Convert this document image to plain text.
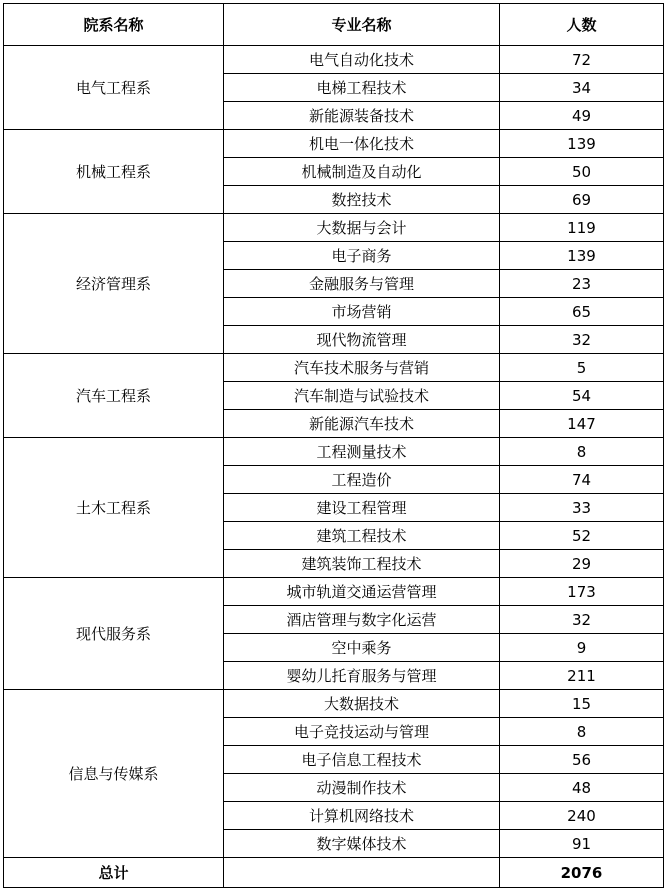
院系名称	专业名称	人数
电气工程系	电气自动化技术	72
	电梯工程技术	34
	新能源装备技术	49
机械工程系	机电一体化技术	139
	机械制造及自动化	50
	数控技术	69
经济管理系	大数据与会计	119
	电子商务	139
	金融服务与管理	23
	市场营销	65
	现代物流管理	32
汽车工程系	汽车技术服务与营销	5
	汽车制造与试验技术	54
	新能源汽车技术	147
土木工程系	工程测量技术	8
	工程造价	74
	建设工程管理	33
	建筑工程技术	52
	建筑装饰工程技术	29
现代服务系	城市轨道交通运营管理	173
	酒店管理与数字化运营	32
	空中乘务	9
	婴幼儿托育服务与管理	211
信息与传媒系	大数据技术	15
	电子竞技运动与管理	8
	电子信息工程技术	56
	动漫制作技术	48
	计算机网络技术	240
	数字媒体技术	91
总计		2076
